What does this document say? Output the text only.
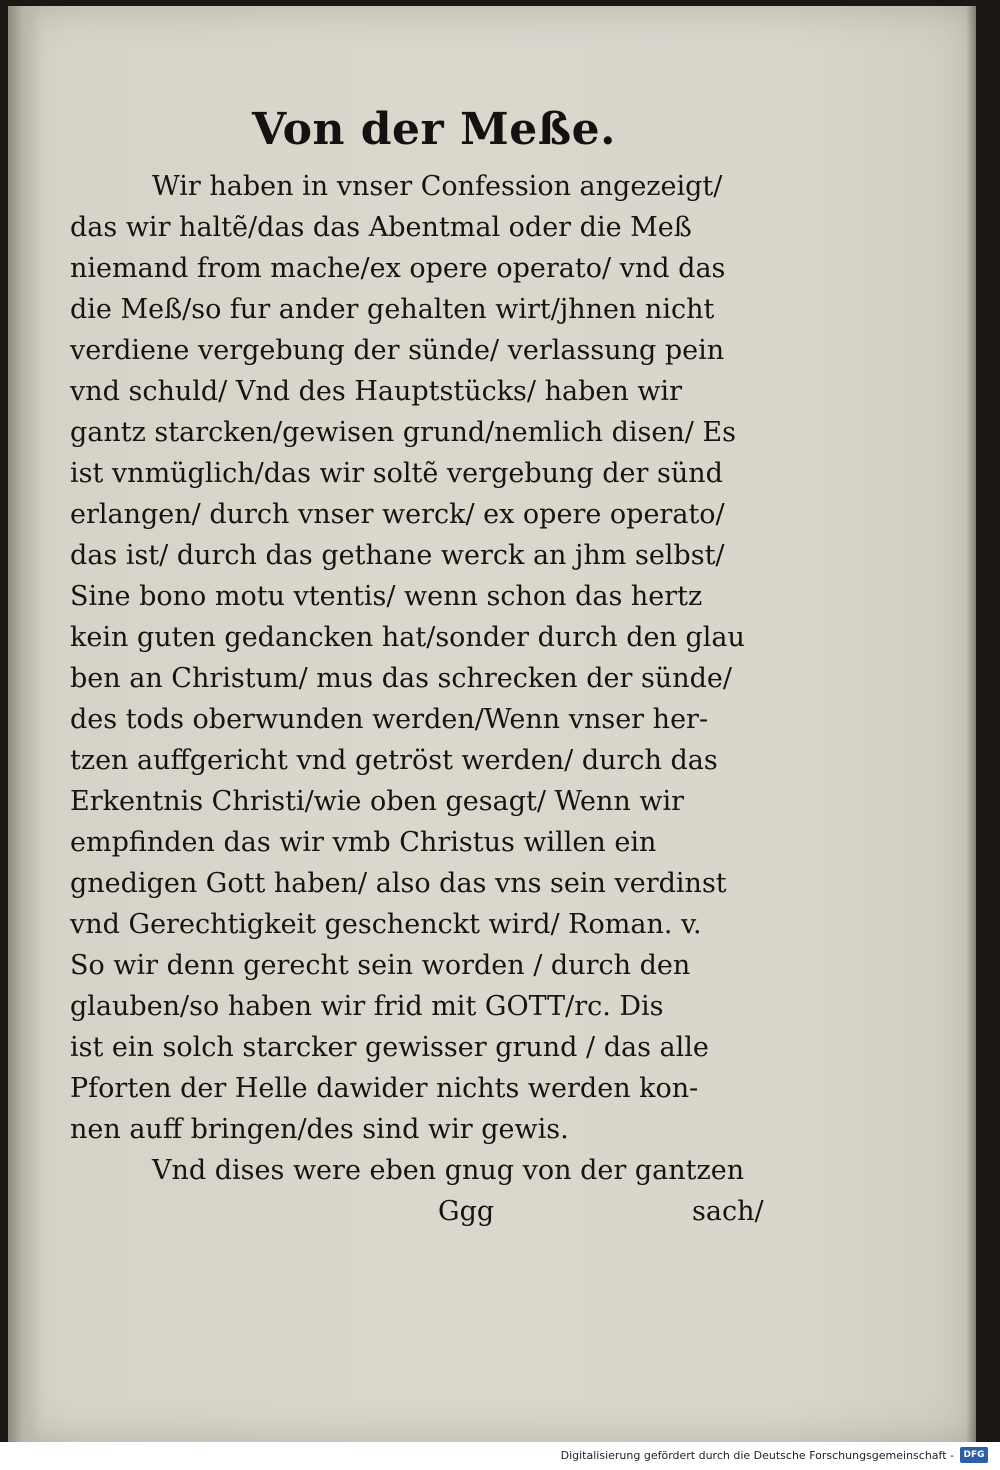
Von der Meße.
Wir haben in vnser Confession angezeigt/
das wir haltẽ/das das Abentmal oder die Meß
niemand from mache/ex opere operato/ vnd das
die Meß/so fur ander gehalten wirt/jhnen nicht
verdiene vergebung der sünde/ verlassung pein
vnd schuld/ Vnd des Hauptstücks/ haben wir
gantz starcken/gewisen grund/nemlich disen/ Es
ist vnmüglich/das wir soltẽ vergebung der sünd
erlangen/ durch vnser werck/ ex opere operato/
das ist/ durch das gethane werck an jhm selbst/
Sine bono motu vtentis/ wenn schon das hertz
kein guten gedancken hat/sonder durch den glau
ben an Christum/ mus das schrecken der sünde/
des tods oberwunden werden/Wenn vnser her-
tzen auffgericht vnd getröst werden/ durch das
Erkentnis Christi/wie oben gesagt/ Wenn wir
empfinden das wir vmb Christus willen ein
gnedigen Gott haben/ also das vns sein verdinst
vnd Gerechtigkeit geschenckt wird/ Roman. v.
So wir denn gerecht sein worden / durch den
glauben/so haben wir frid mit GOTT/rc. Dis
ist ein solch starcker gewisser grund / das alle
Pforten der Helle dawider nichts werden kon-
nen auff bringen/des sind wir gewis.
Vnd dises were eben gnug von der gantzen
Ggg	sach/
Digitalisierung gefördert durch die Deutsche Forschungsgemeinschaft -	DFG
